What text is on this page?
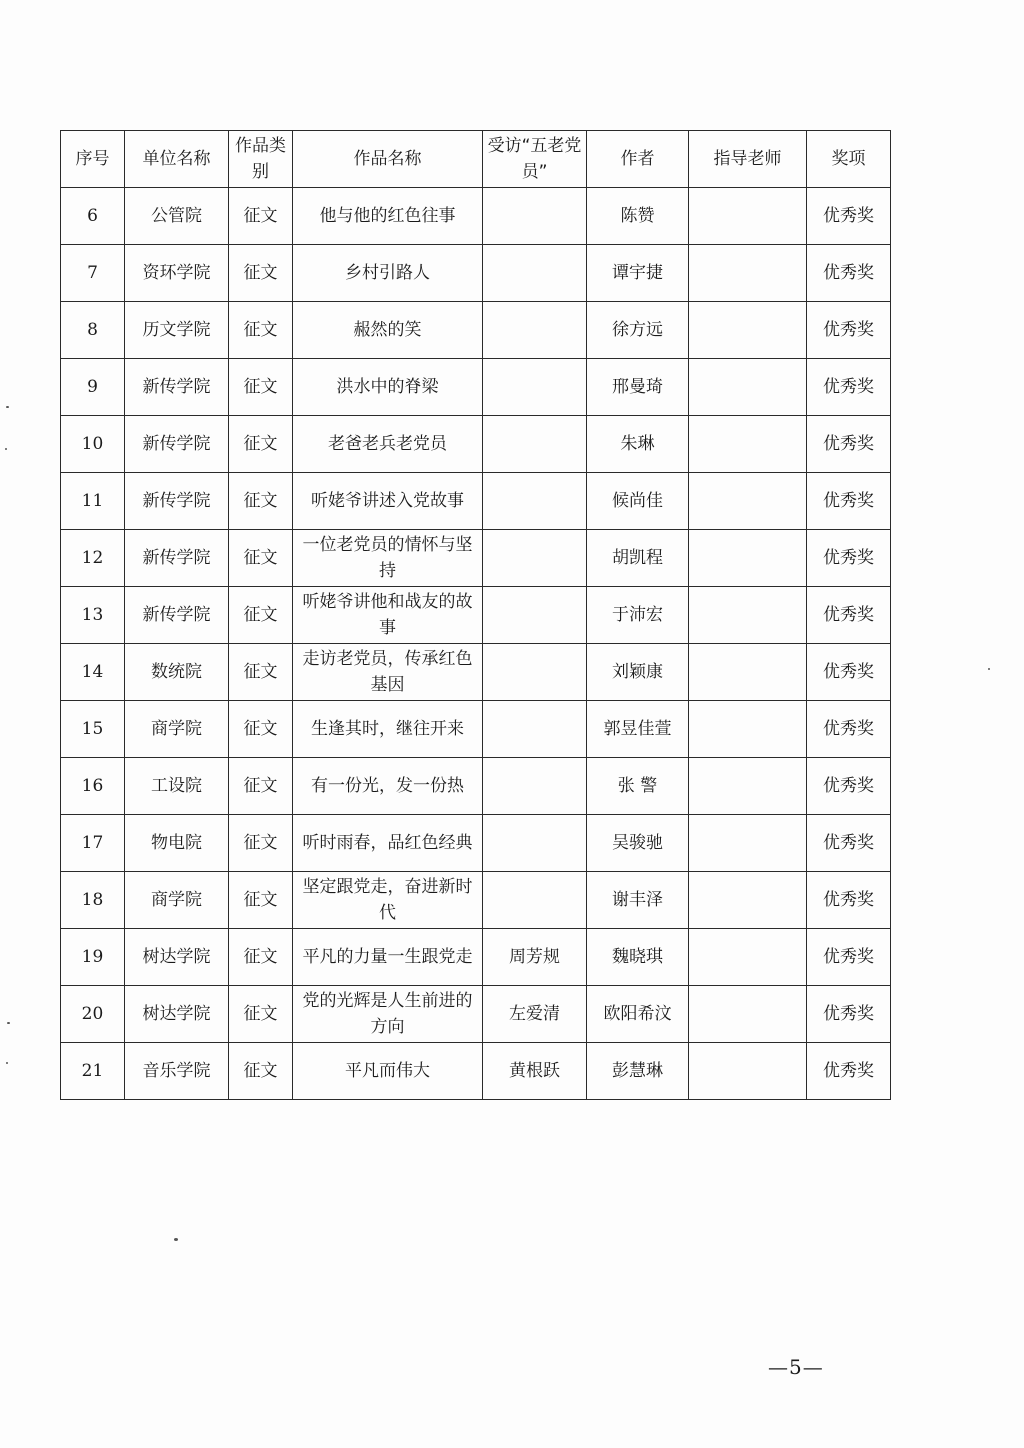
序号	单位名称	作品类别	作品名称	受访“五老党员”	作者	指导老师	奖项
6	公管院	征文	他与他的红色往事		陈赞		优秀奖
7	资环学院	征文	乡村引路人		谭宇捷		优秀奖
8	历文学院	征文	赧然的笑		徐方远		优秀奖
9	新传学院	征文	洪水中的脊梁		邢曼琦		优秀奖
10	新传学院	征文	老爸老兵老党员		朱琳		优秀奖
11	新传学院	征文	听姥爷讲述入党故事		候尚佳		优秀奖
12	新传学院	征文	一位老党员的情怀与坚持		胡凯程		优秀奖
13	新传学院	征文	听姥爷讲他和战友的故事		于沛宏		优秀奖
14	数统院	征文	走访老党员，传承红色基因		刘颖康		优秀奖
15	商学院	征文	生逢其时，继往开来		郭昱佳萱		优秀奖
16	工设院	征文	有一份光，发一份热		张 警		优秀奖
17	物电院	征文	听时雨春，品红色经典		吴骏驰		优秀奖
18	商学院	征文	坚定跟党走，奋进新时代		谢丰泽		优秀奖
19	树达学院	征文	平凡的力量一生跟党走	周芳规	魏晓琪		优秀奖
20	树达学院	征文	党的光辉是人生前进的方向	左爱清	欧阳希汶		优秀奖
21	音乐学院	征文	平凡而伟大	黄根跃	彭慧琳		优秀奖
—5—
